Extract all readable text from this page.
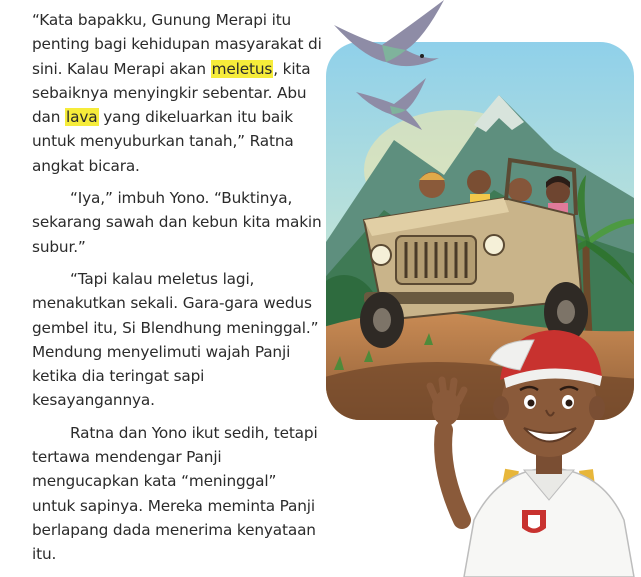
“Kata bapakku, Gunung Merapi itu penting bagi kehidupan masyarakat di sini. Kalau Merapi akan meletus, kita sebaiknya menyingkir sebentar. Abu dan lava yang dikeluarkan itu baik untuk menyuburkan tanah,” Ratna angkat bicara.

“Iya,” imbuh Yono. “Buktinya, sekarang sawah dan kebun kita makin subur.”

“Tapi kalau meletus lagi, menakutkan sekali. Gara-gara wedus gembel itu, Si Blendhung meninggal.” Mendung menyelimuti wajah Panji ketika dia teringat sapi kesayangannya.

Ratna dan Yono ikut sedih, tetapi tertawa mendengar Panji mengucapkan kata “meninggal” untuk sapinya. Mereka meminta Panji berlapang dada menerima kenyataan itu.
